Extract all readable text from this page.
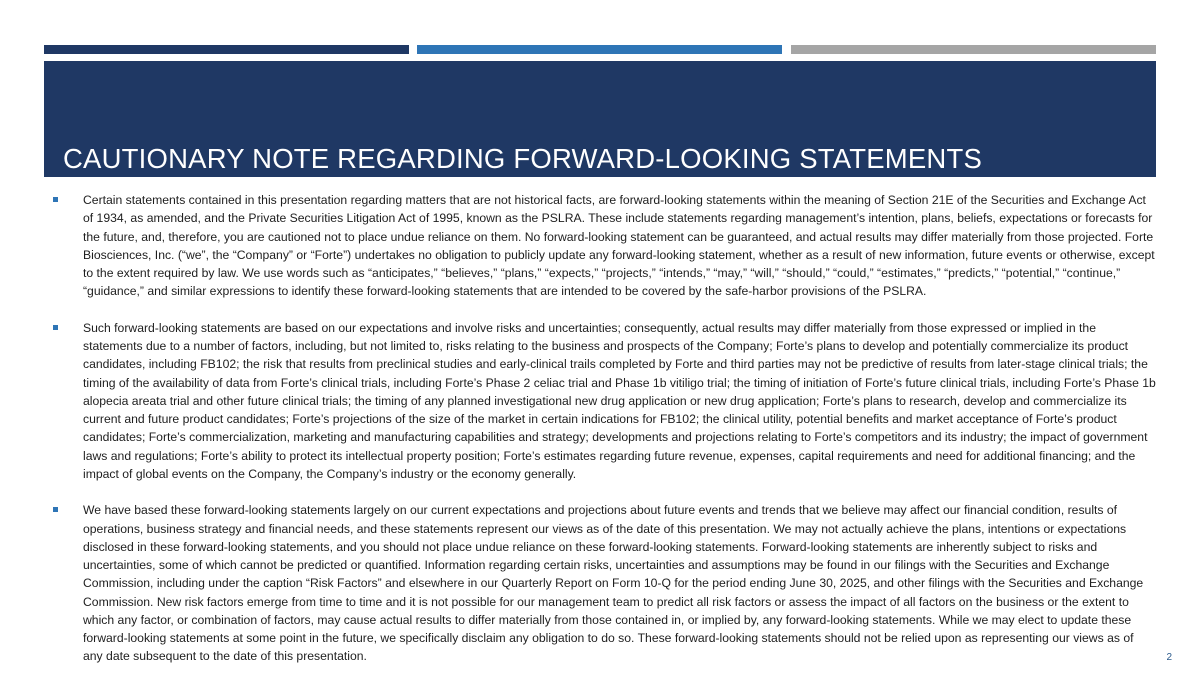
CAUTIONARY NOTE REGARDING FORWARD-LOOKING STATEMENTS
Certain statements contained in this presentation regarding matters that are not historical facts, are forward-looking statements within the meaning of Section 21E of the Securities and Exchange Act of 1934, as amended, and the Private Securities Litigation Act of 1995, known as the PSLRA. These include statements regarding management’s intention, plans, beliefs, expectations or forecasts for the future, and, therefore, you are cautioned not to place undue reliance on them. No forward-looking statement can be guaranteed, and actual results may differ materially from those projected. Forte Biosciences, Inc. (“we”, the “Company” or “Forte”) undertakes no obligation to publicly update any forward-looking statement, whether as a result of new information, future events or otherwise, except to the extent required by law. We use words such as “anticipates,” “believes,” “plans,” “expects,” “projects,” “intends,” “may,” “will,” “should,” “could,” “estimates,” “predicts,” “potential,” “continue,” “guidance,” and similar expressions to identify these forward-looking statements that are intended to be covered by the safe-harbor provisions of the PSLRA.
Such forward-looking statements are based on our expectations and involve risks and uncertainties; consequently, actual results may differ materially from those expressed or implied in the statements due to a number of factors, including, but not limited to, risks relating to the business and prospects of the Company; Forte’s plans to develop and potentially commercialize its product candidates, including FB102; the risk that results from preclinical studies and early-clinical trails completed by Forte and third parties may not be predictive of results from later-stage clinical trials; the timing of the availability of data from Forte’s clinical trials, including Forte’s Phase 2 celiac trial and Phase 1b vitiligo trial; the timing of initiation of Forte’s future clinical trials, including Forte’s Phase 1b alopecia areata trial and other future clinical trials; the timing of any planned investigational new drug application or new drug application; Forte’s plans to research, develop and commercialize its current and future product candidates; Forte’s projections of the size of the market in certain indications for FB102; the clinical utility, potential benefits and market acceptance of Forte’s product candidates; Forte’s commercialization, marketing and manufacturing capabilities and strategy; developments and projections relating to Forte’s competitors and its industry; the impact of government laws and regulations; Forte’s ability to protect its intellectual property position; Forte’s estimates regarding future revenue, expenses, capital requirements and need for additional financing; and the impact of global events on the Company, the Company’s industry or the economy generally.
We have based these forward-looking statements largely on our current expectations and projections about future events and trends that we believe may affect our financial condition, results of operations, business strategy and financial needs, and these statements represent our views as of the date of this presentation. We may not actually achieve the plans, intentions or expectations disclosed in these forward-looking statements, and you should not place undue reliance on these forward-looking statements. Forward-looking statements are inherently subject to risks and uncertainties, some of which cannot be predicted or quantified. Information regarding certain risks, uncertainties and assumptions may be found in our filings with the Securities and Exchange Commission, including under the caption “Risk Factors” and elsewhere in our Quarterly Report on Form 10-Q for the period ending June 30, 2025, and other filings with the Securities and Exchange Commission. New risk factors emerge from time to time and it is not possible for our management team to predict all risk factors or assess the impact of all factors on the business or the extent to which any factor, or combination of factors, may cause actual results to differ materially from those contained in, or implied by, any forward-looking statements. While we may elect to update these forward-looking statements at some point in the future, we specifically disclaim any obligation to do so. These forward-looking statements should not be relied upon as representing our views as of any date subsequent to the date of this presentation.	2
